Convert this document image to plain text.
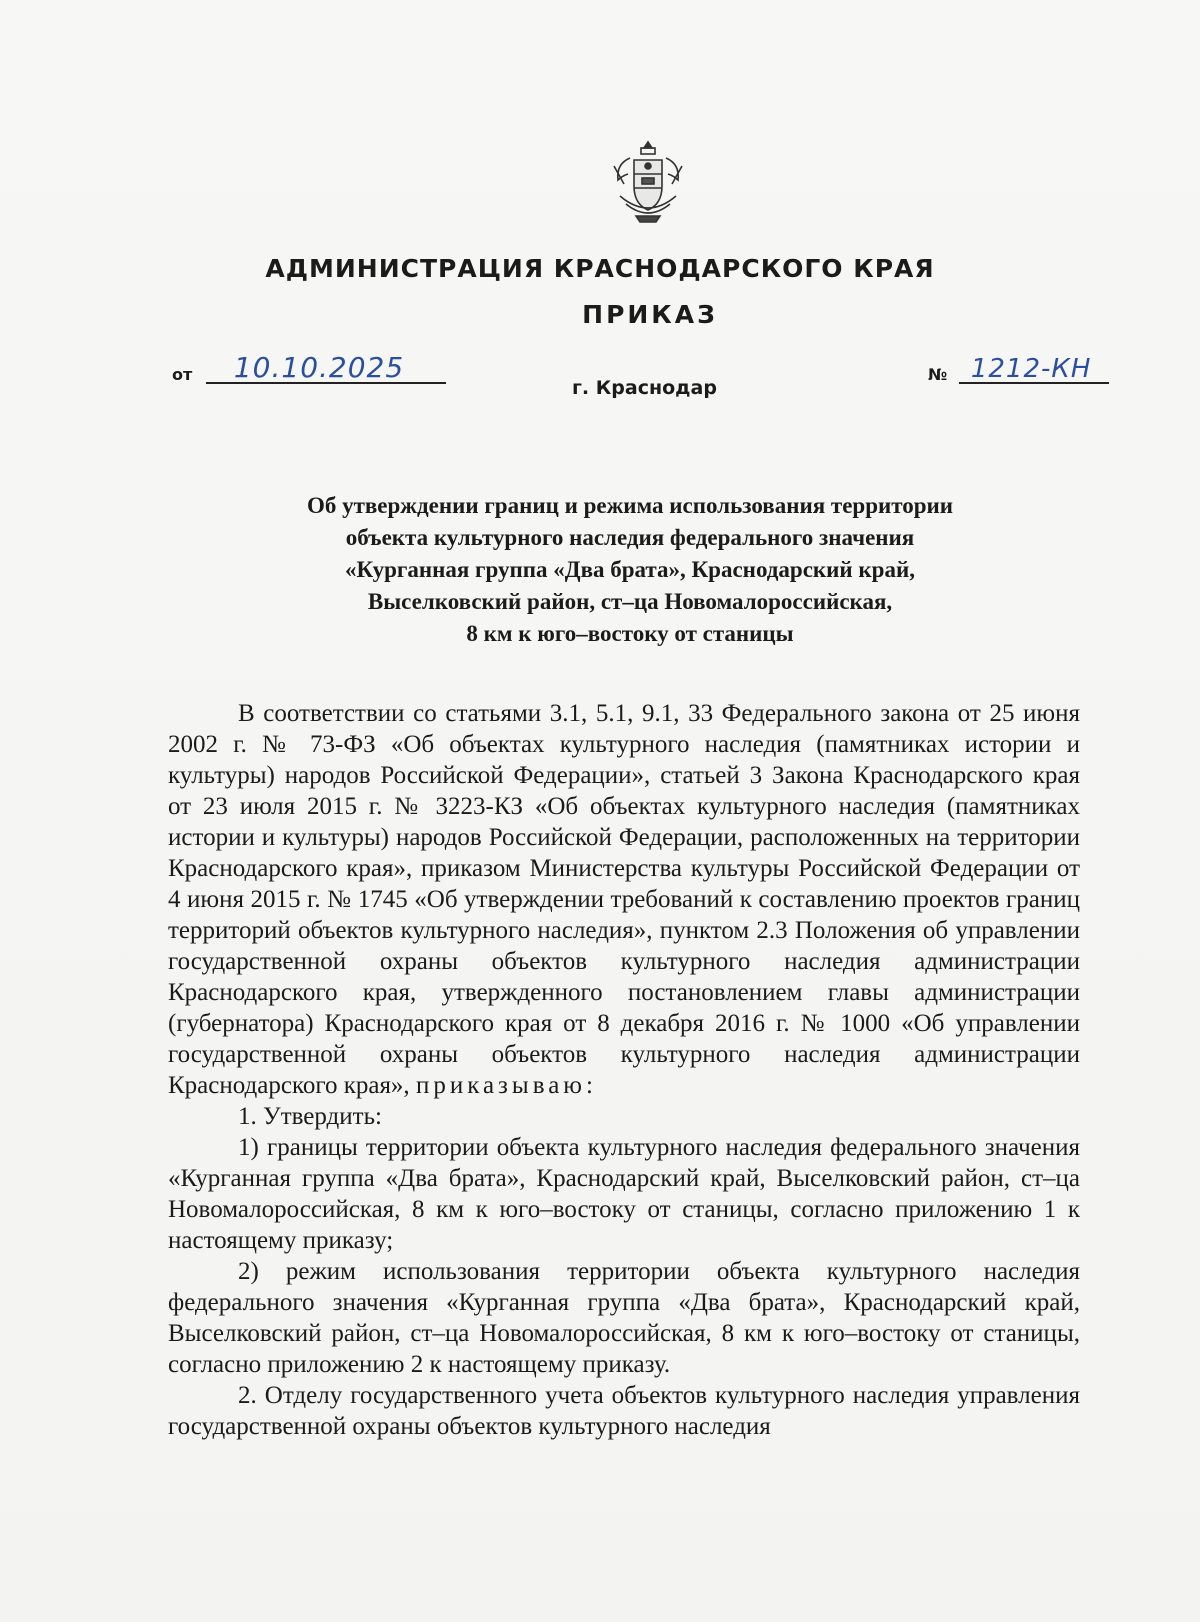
АДМИНИСТРАЦИЯ КРАСНОДАРСКОГО КРАЯ
ПРИКАЗ
от 10.10.2025	№ 1212-КН
г. Краснодар
Об утверждении границ и режима использования территории
объекта культурного наследия федерального значения
«Курганная группа «Два брата», Краснодарский край,
Выселковский район, ст–ца Новомалороссийская,
8 км к юго–востоку от станицы

В соответствии со статьями 3.1, 5.1, 9.1, 33 Федерального закона от 25 июня 2002 г. № 73-ФЗ «Об объектах культурного наследия (памятниках истории и культуры) народов Российской Федерации», статьей 3 Закона Краснодарского края от 23 июля 2015 г. № 3223-КЗ «Об объектах культурного наследия (памятниках истории и культуры) народов Российской Федерации, расположенных на территории Краснодарского края», приказом Министерства культуры Российской Федерации от 4 июня 2015 г. № 1745 «Об утверждении требований к составлению проектов границ территорий объектов культурного наследия», пунктом 2.3 Положения об управлении государственной охраны объектов культурного наследия администрации Краснодарского края, утвержденного постановлением главы администрации (губернатора) Краснодарского края от 8 декабря 2016 г. № 1000 «Об управлении государственной охраны объектов культурного наследия администрации Краснодарского края», приказываю:

1. Утвердить:

1) границы территории объекта культурного наследия федерального значения «Курганная группа «Два брата», Краснодарский край, Выселковский район, ст–ца Новомалороссийская, 8 км к юго–востоку от станицы, согласно приложению 1 к настоящему приказу;

2) режим использования территории объекта культурного наследия федерального значения «Курганная группа «Два брата», Краснодарский край, Выселковский район, ст–ца Новомалороссийская, 8 км к юго–востоку от станицы, согласно приложению 2 к настоящему приказу.

2. Отделу государственного учета объектов культурного наследия управления государственной охраны объектов культурного наследия
